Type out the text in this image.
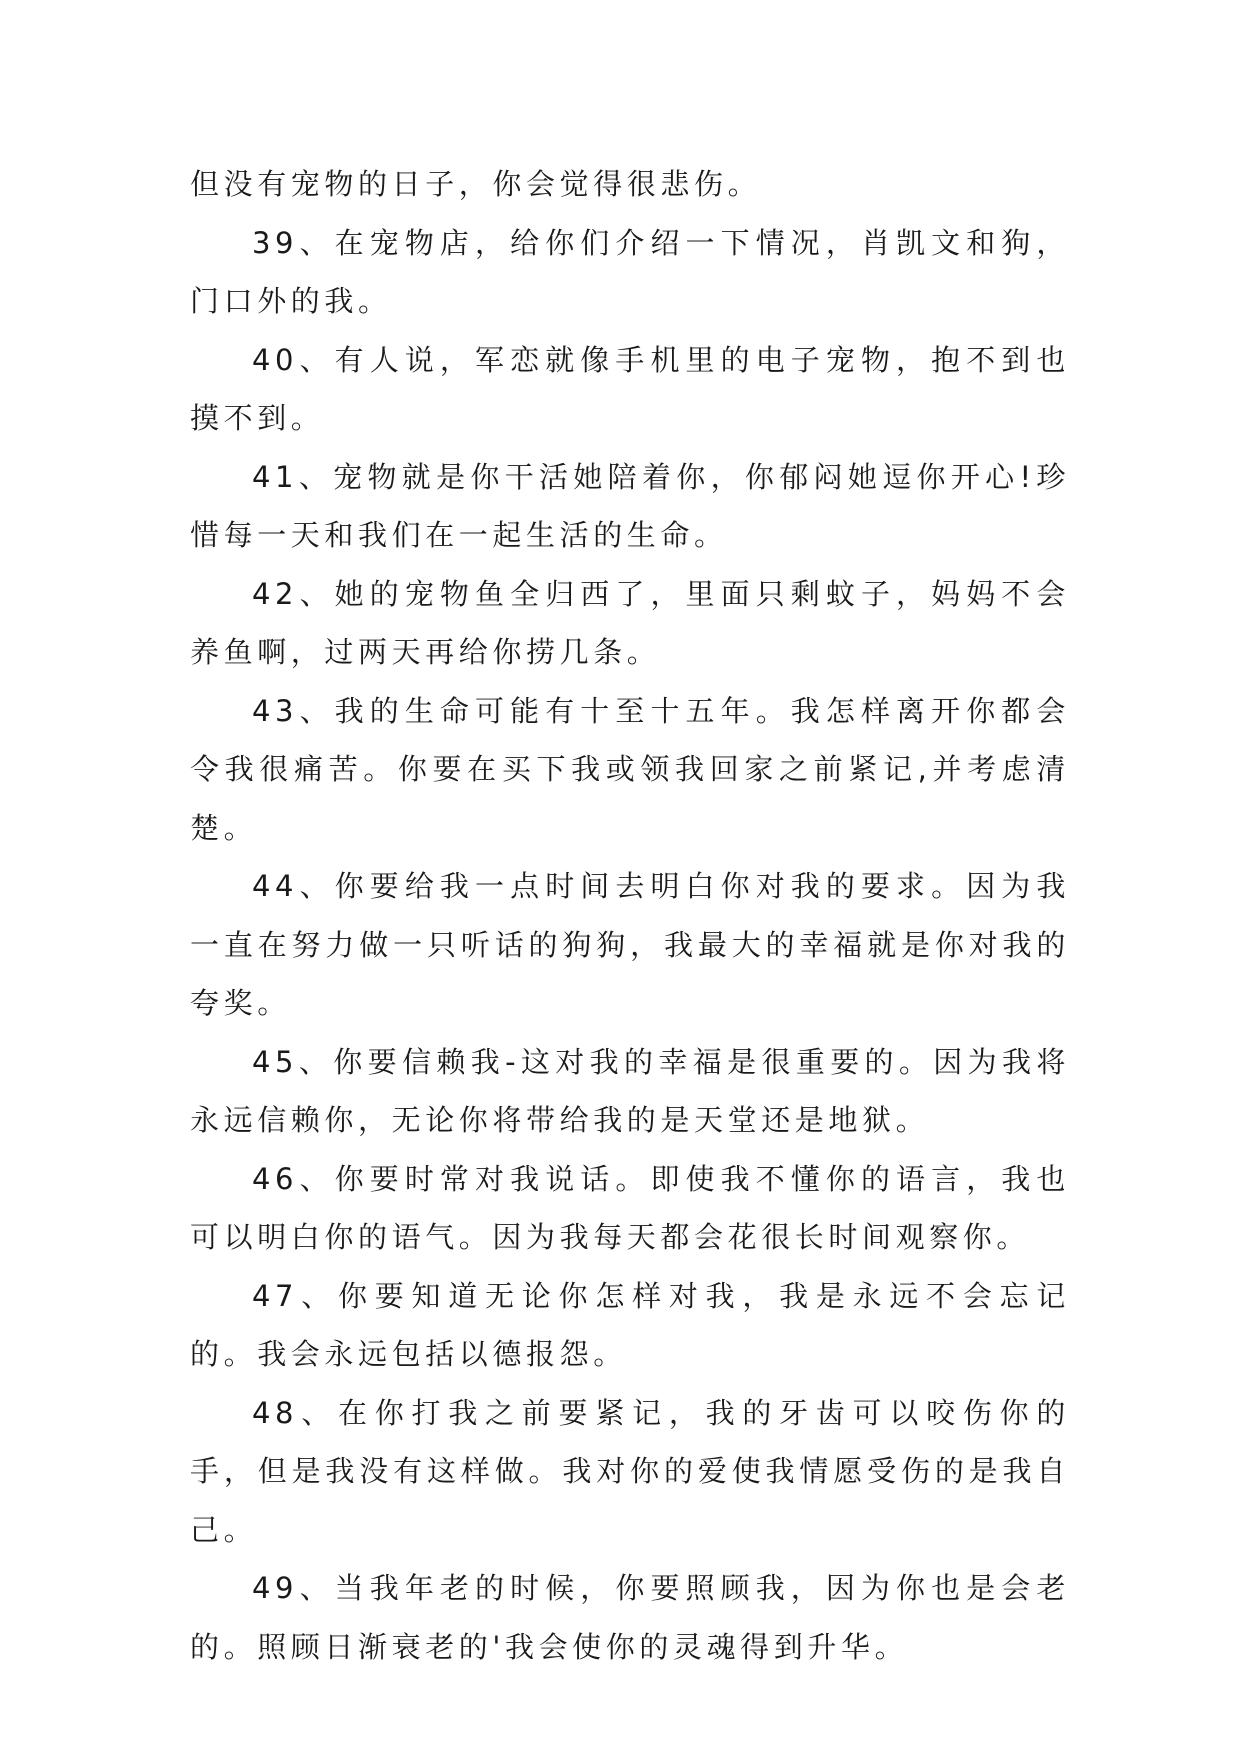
但没有宠物的日子，你会觉得很悲伤。

39、在宠物店，给你们介绍一下情况，肖凯文和狗，门口外的我。

40、有人说，军恋就像手机里的电子宠物，抱不到也摸不到。

41、宠物就是你干活她陪着你，你郁闷她逗你开心!珍惜每一天和我们在一起生活的生命。

42、她的宠物鱼全归西了，里面只剩蚊子，妈妈不会养鱼啊，过两天再给你捞几条。

43、我的生命可能有十至十五年。我怎样离开你都会令我很痛苦。你要在买下我或领我回家之前紧记,并考虑清楚。

44、你要给我一点时间去明白你对我的要求。因为我一直在努力做一只听话的狗狗，我最大的幸福就是你对我的夸奖。

45、你要信赖我-这对我的幸福是很重要的。因为我将永远信赖你，无论你将带给我的是天堂还是地狱。

46、你要时常对我说话。即使我不懂你的语言，我也可以明白你的语气。因为我每天都会花很长时间观察你。

47、你要知道无论你怎样对我，我是永远不会忘记的。我会永远包括以德报怨。

48、在你打我之前要紧记，我的牙齿可以咬伤你的手，但是我没有这样做。我对你的爱使我情愿受伤的是我自己。

49、当我年老的时候，你要照顾我，因为你也是会老的。照顾日渐衰老的'我会使你的灵魂得到升华。
